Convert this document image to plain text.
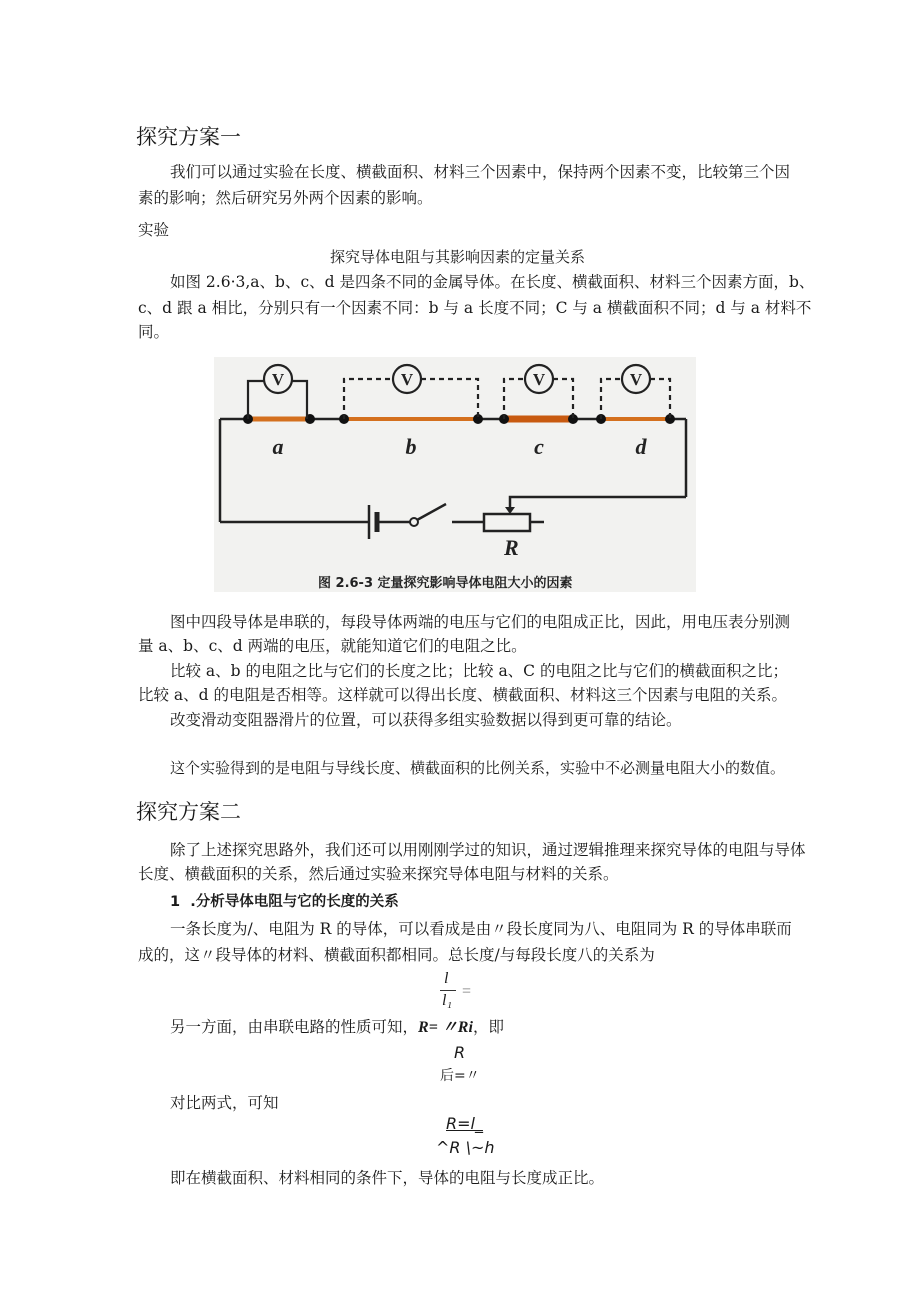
探究方案一
我们可以通过实验在长度、横截面积、材料三个因素中，保持两个因素不变，比较第三个因
素的影响；然后研究另外两个因素的影响。
实验
探究导体电阻与其影响因素的定量关系
如图 2.6·3,a、b、c、d 是四条不同的金属导体。在长度、横截面积、材料三个因素方面，b、
c、d 跟 a 相比，分别只有一个因素不同：b 与 a 长度不同；C 与 a 横截面积不同；d 与 a 材料不
同。
R
V	V	V	V
a	b	c	d
图 2.6-3 定量探究影响导体电阻大小的因素
图中四段导体是串联的，每段导体两端的电压与它们的电阻成正比，因此，用电压表分别测
量 a、b、c、d 两端的电压，就能知道它们的电阻之比。
比较 a、b 的电阻之比与它们的长度之比；比较 a、C 的电阻之比与它们的横截面积之比；
比较 a、d 的电阻是否相等。这样就可以得出长度、横截面积、材料这三个因素与电阻的关系。
改变滑动变阻器滑片的位置，可以获得多组实验数据以得到更可靠的结论。
这个实验得到的是电阻与导线长度、横截面积的比例关系，实验中不必测量电阻大小的数值。
探究方案二
除了上述探究思路外，我们还可以用刚刚学过的知识，通过逻辑推理来探究导体的电阻与导体
长度、横截面积的关系，然后通过实验来探究导体电阻与材料的关系。
1 .分析导体电阻与它的长度的关系
一条长度为/、电阻为 R 的导体，可以看成是由〃段长度同为八、电阻同为 R 的导体串联而
成的，这〃段导体的材料、横截面积都相同。总长度/与每段长度八的关系为
l
l₁
=
另一方面，由串联电路的性质可知，R= 〃Ri，即
R
后=〃
对比两式，可知
R=l_
^R \~h
即在横截面积、材料相同的条件下，导体的电阻与长度成正比。
